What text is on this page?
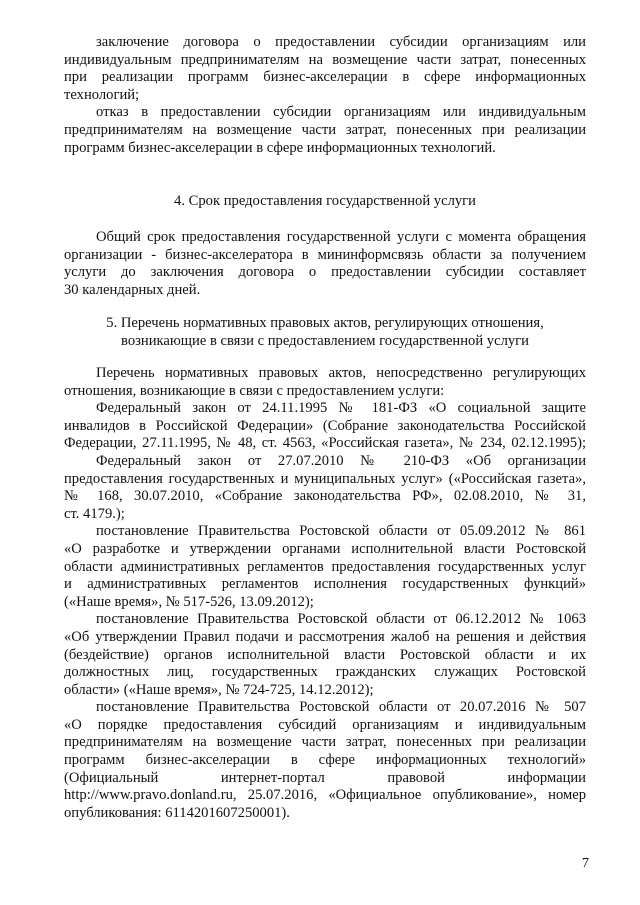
заключение договора о предоставлении субсидии организациям или

индивидуальным предпринимателям на возмещение части затрат, понесенных

при реализации программ бизнес-акселерации в сфере информационных

технологий;

отказ в предоставлении субсидии организациям или индивидуальным

предпринимателям на возмещение части затрат, понесенных при реализации

программ бизнес-акселерации в сфере информационных технологий.

4. Срок предоставления государственной услуги

Общий срок предоставления государственной услуги с момента обращения

организации - бизнес-акселератора в мининформсвязь области за получением

услуги до заключения договора о предоставлении субсидии составляет

30 календарных дней.

5. Перечень нормативных правовых актов, регулирующих отношения,

возникающие в связи с предоставлением государственной услуги

Перечень нормативных правовых актов, непосредственно регулирующих

отношения, возникающие в связи с предоставлением услуги:

Федеральный закон от 24.11.1995 № 181-ФЗ «О социальной защите

инвалидов в Российской Федерации» (Собрание законодательства Российской

Федерации, 27.11.1995, № 48, ст. 4563, «Российская газета», № 234, 02.12.1995);

Федеральный закон от 27.07.2010 № 210-ФЗ «Об организации

предоставления государственных и муниципальных услуг» («Российская газета»,

№ 168, 30.07.2010, «Собрание законодательства РФ», 02.08.2010, № 31,

ст. 4179.);

постановление Правительства Ростовской области от 05.09.2012 № 861

«О разработке и утверждении органами исполнительной власти Ростовской

области административных регламентов предоставления государственных услуг

и административных регламентов исполнения государственных функций»

(«Наше время», № 517-526, 13.09.2012);

постановление Правительства Ростовской области от 06.12.2012 № 1063

«Об утверждении Правил подачи и рассмотрения жалоб на решения и действия

(бездействие) органов исполнительной власти Ростовской области и их

должностных лиц, государственных гражданских служащих Ростовской

области» («Наше время», № 724-725, 14.12.2012);

постановление Правительства Ростовской области от 20.07.2016 № 507

«О порядке предоставления субсидий организациям и индивидуальным

предпринимателям на возмещение части затрат, понесенных при реализации

программ бизнес-акселерации в сфере информационных технологий»

(Официальный интернет-портал правовой информации

http://www.pravo.donland.ru, 25.07.2016, «Официальное опубликование», номер

опубликования: 6114201607250001).

7
